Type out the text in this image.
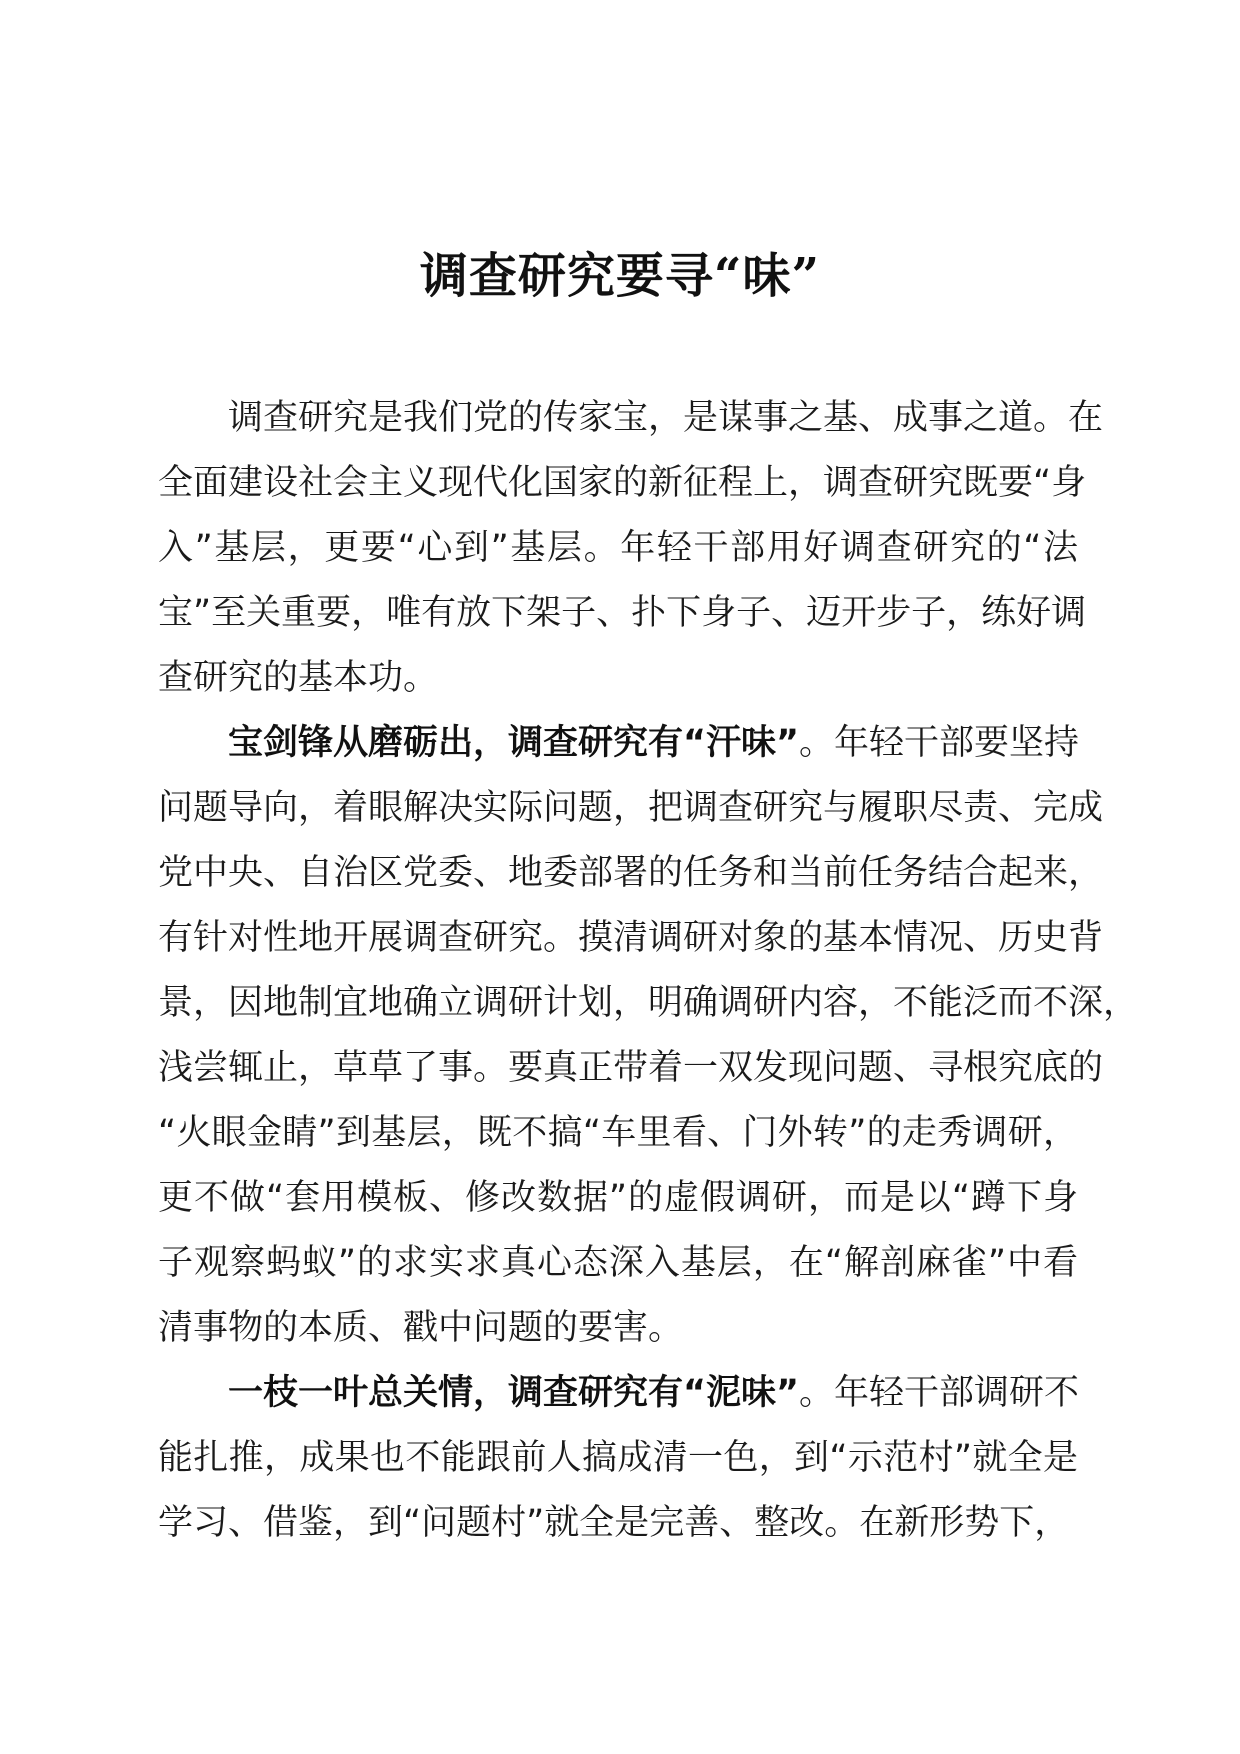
调查研究要寻“味”
调查研究是我们党的传家宝，是谋事之基、成事之道。在
全面建设社会主义现代化国家的新征程上，调查研究既要“身
入”基层，更要“心到”基层。年轻干部用好调查研究的“法
宝”至关重要，唯有放下架子、扑下身子、迈开步子，练好调
查研究的基本功。
宝剑锋从磨砺出，调查研究有“汗味”。年轻干部要坚持
问题导向，着眼解决实际问题，把调查研究与履职尽责、完成
党中央、自治区党委、地委部署的任务和当前任务结合起来，
有针对性地开展调查研究。摸清调研对象的基本情况、历史背
景，因地制宜地确立调研计划，明确调研内容，不能泛而不深，
浅尝辄止，草草了事。要真正带着一双发现问题、寻根究底的
“火眼金睛”到基层，既不搞“车里看、门外转”的走秀调研，
更不做“套用模板、修改数据”的虚假调研，而是以“蹲下身
子观察蚂蚁”的求实求真心态深入基层，在“解剖麻雀”中看
清事物的本质、戳中问题的要害。
一枝一叶总关情，调查研究有“泥味”。年轻干部调研不
能扎推，成果也不能跟前人搞成清一色，到“示范村”就全是
学习、借鉴，到“问题村”就全是完善、整改。在新形势下，
